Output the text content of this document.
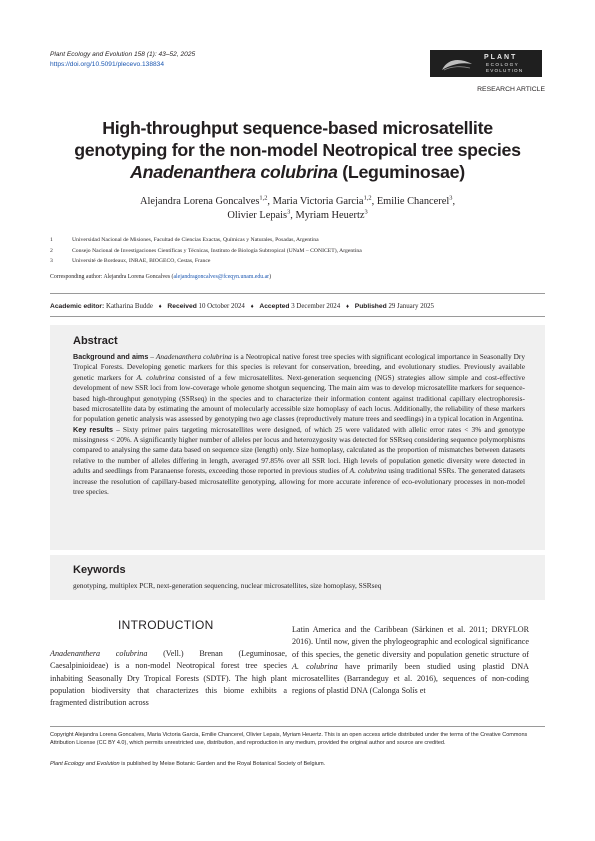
Plant Ecology and Evolution 158 (1): 43–52, 2025
https://doi.org/10.5091/plecevo.138834
PLANT
ECOLOGY
EVOLUTION
RESEARCH ARTICLE
High-throughput sequence-based microsatellite
genotyping for the non-model Neotropical tree species
Anadenanthera colubrina (Leguminosae)
Alejandra Lorena Goncalves$^{1,2}$, Maria Victoria Garcia$^{1,2}$, Emilie Chancerel$^3$,
Olivier Lepais$^3$, Myriam Heuertz$^3$
1	Universidad Nacional de Misiones, Facultad de Ciencias Exactas, Químicas y Naturales, Posadas, Argentina
2	Consejo Nacional de Investigaciones Científicas y Técnicas, Instituto de Biología Subtropical (UNaM – CONICET), Argentina
3	Université de Bordeaux, INRAE, BIOGECO, Cestas, France
Corresponding author: Alejandra Lorena Goncalves (alejandragoncalves@fceqyn.unam.edu.ar)
Academic editor: Katharina Budde ♦ Received 10 October 2024 ♦ Accepted 3 December 2024 ♦ Published 29 January 2025
Abstract

Background and aims – Anadenanthera colubrina is a Neotropical native forest tree species with significant ecological importance in Seasonally Dry Tropical Forests. Developing genetic markers for this species is relevant for conservation, breeding, and evolutionary studies. Previously available genetic markers for A. colubrina consisted of a few microsatellites. Next-generation sequencing (NGS) strategies allow simple and cost-effective development of new SSR loci from low-coverage whole genome shotgun sequencing. The main aim was to develop microsatellite markers for sequence-based high-throughput genotyping (SSRseq) in the species and to characterize their information content against traditional capillary electrophoresis-based microsatellite data by estimating the amount of molecularly accessible size homoplasy of each locus. Additionally, the reliability of these markers for population genetic analysis was assessed by genotyping two age classes (reproductively mature trees and seedlings) in a typical location in Argentina.

Key results – Sixty primer pairs targeting microsatellites were designed, of which 25 were validated with allelic error rates < 3% and genotype missingness < 20%. A significantly higher number of alleles per locus and heterozygosity was detected for SSRseq considering sequence polymorphisms compared to analysing the same data based on sequence size (length) only. Size homoplasy, calculated as the proportion of mismatches between datasets relative to the number of alleles differing in length, averaged 97.85% over all SSR loci. High levels of population genetic diversity were detected in adults and seedlings from Paranaense forests, exceeding those reported in previous studies of A. colubrina using traditional SSRs. The generated datasets increase the resolution of capillary-based microsatellite genotyping, allowing for more accurate inference of eco-evolutionary processes in non-model tree species.

Keywords
genotyping, multiplex PCR, next-generation sequencing, nuclear microsatellites, size homoplasy, SSRseq
INTRODUCTION

Anadenanthera colubrina (Vell.) Brenan (Leguminosae, Caesalpinioideae) is a non-model Neotropical forest tree species inhabiting Seasonally Dry Tropical Forests (SDTF). The high plant population biodiversity that characterizes this biome exhibits a fragmented distribution across

Latin America and the Caribbean (Särkinen et al. 2011; DRYFLOR 2016). Until now, given the phylogeographic and ecological significance of this species, the genetic diversity and population genetic structure of A. colubrina have primarily been studied using plastid DNA microsatellites (Barrandeguy et al. 2016), sequences of non-coding regions of plastid DNA (Calonga Solís et

Copyright Alejandra Lorena Goncalves, Maria Victoria Garcia, Emilie Chancerel, Olivier Lepais, Myriam Heuertz. This is an open access article distributed under the terms of the Creative Commons Attribution License (CC BY 4.0), which permits unrestricted use, distribution, and reproduction in any medium, provided the original author and source are credited.
Plant Ecology and Evolution is published by Meise Botanic Garden and the Royal Botanical Society of Belgium.
